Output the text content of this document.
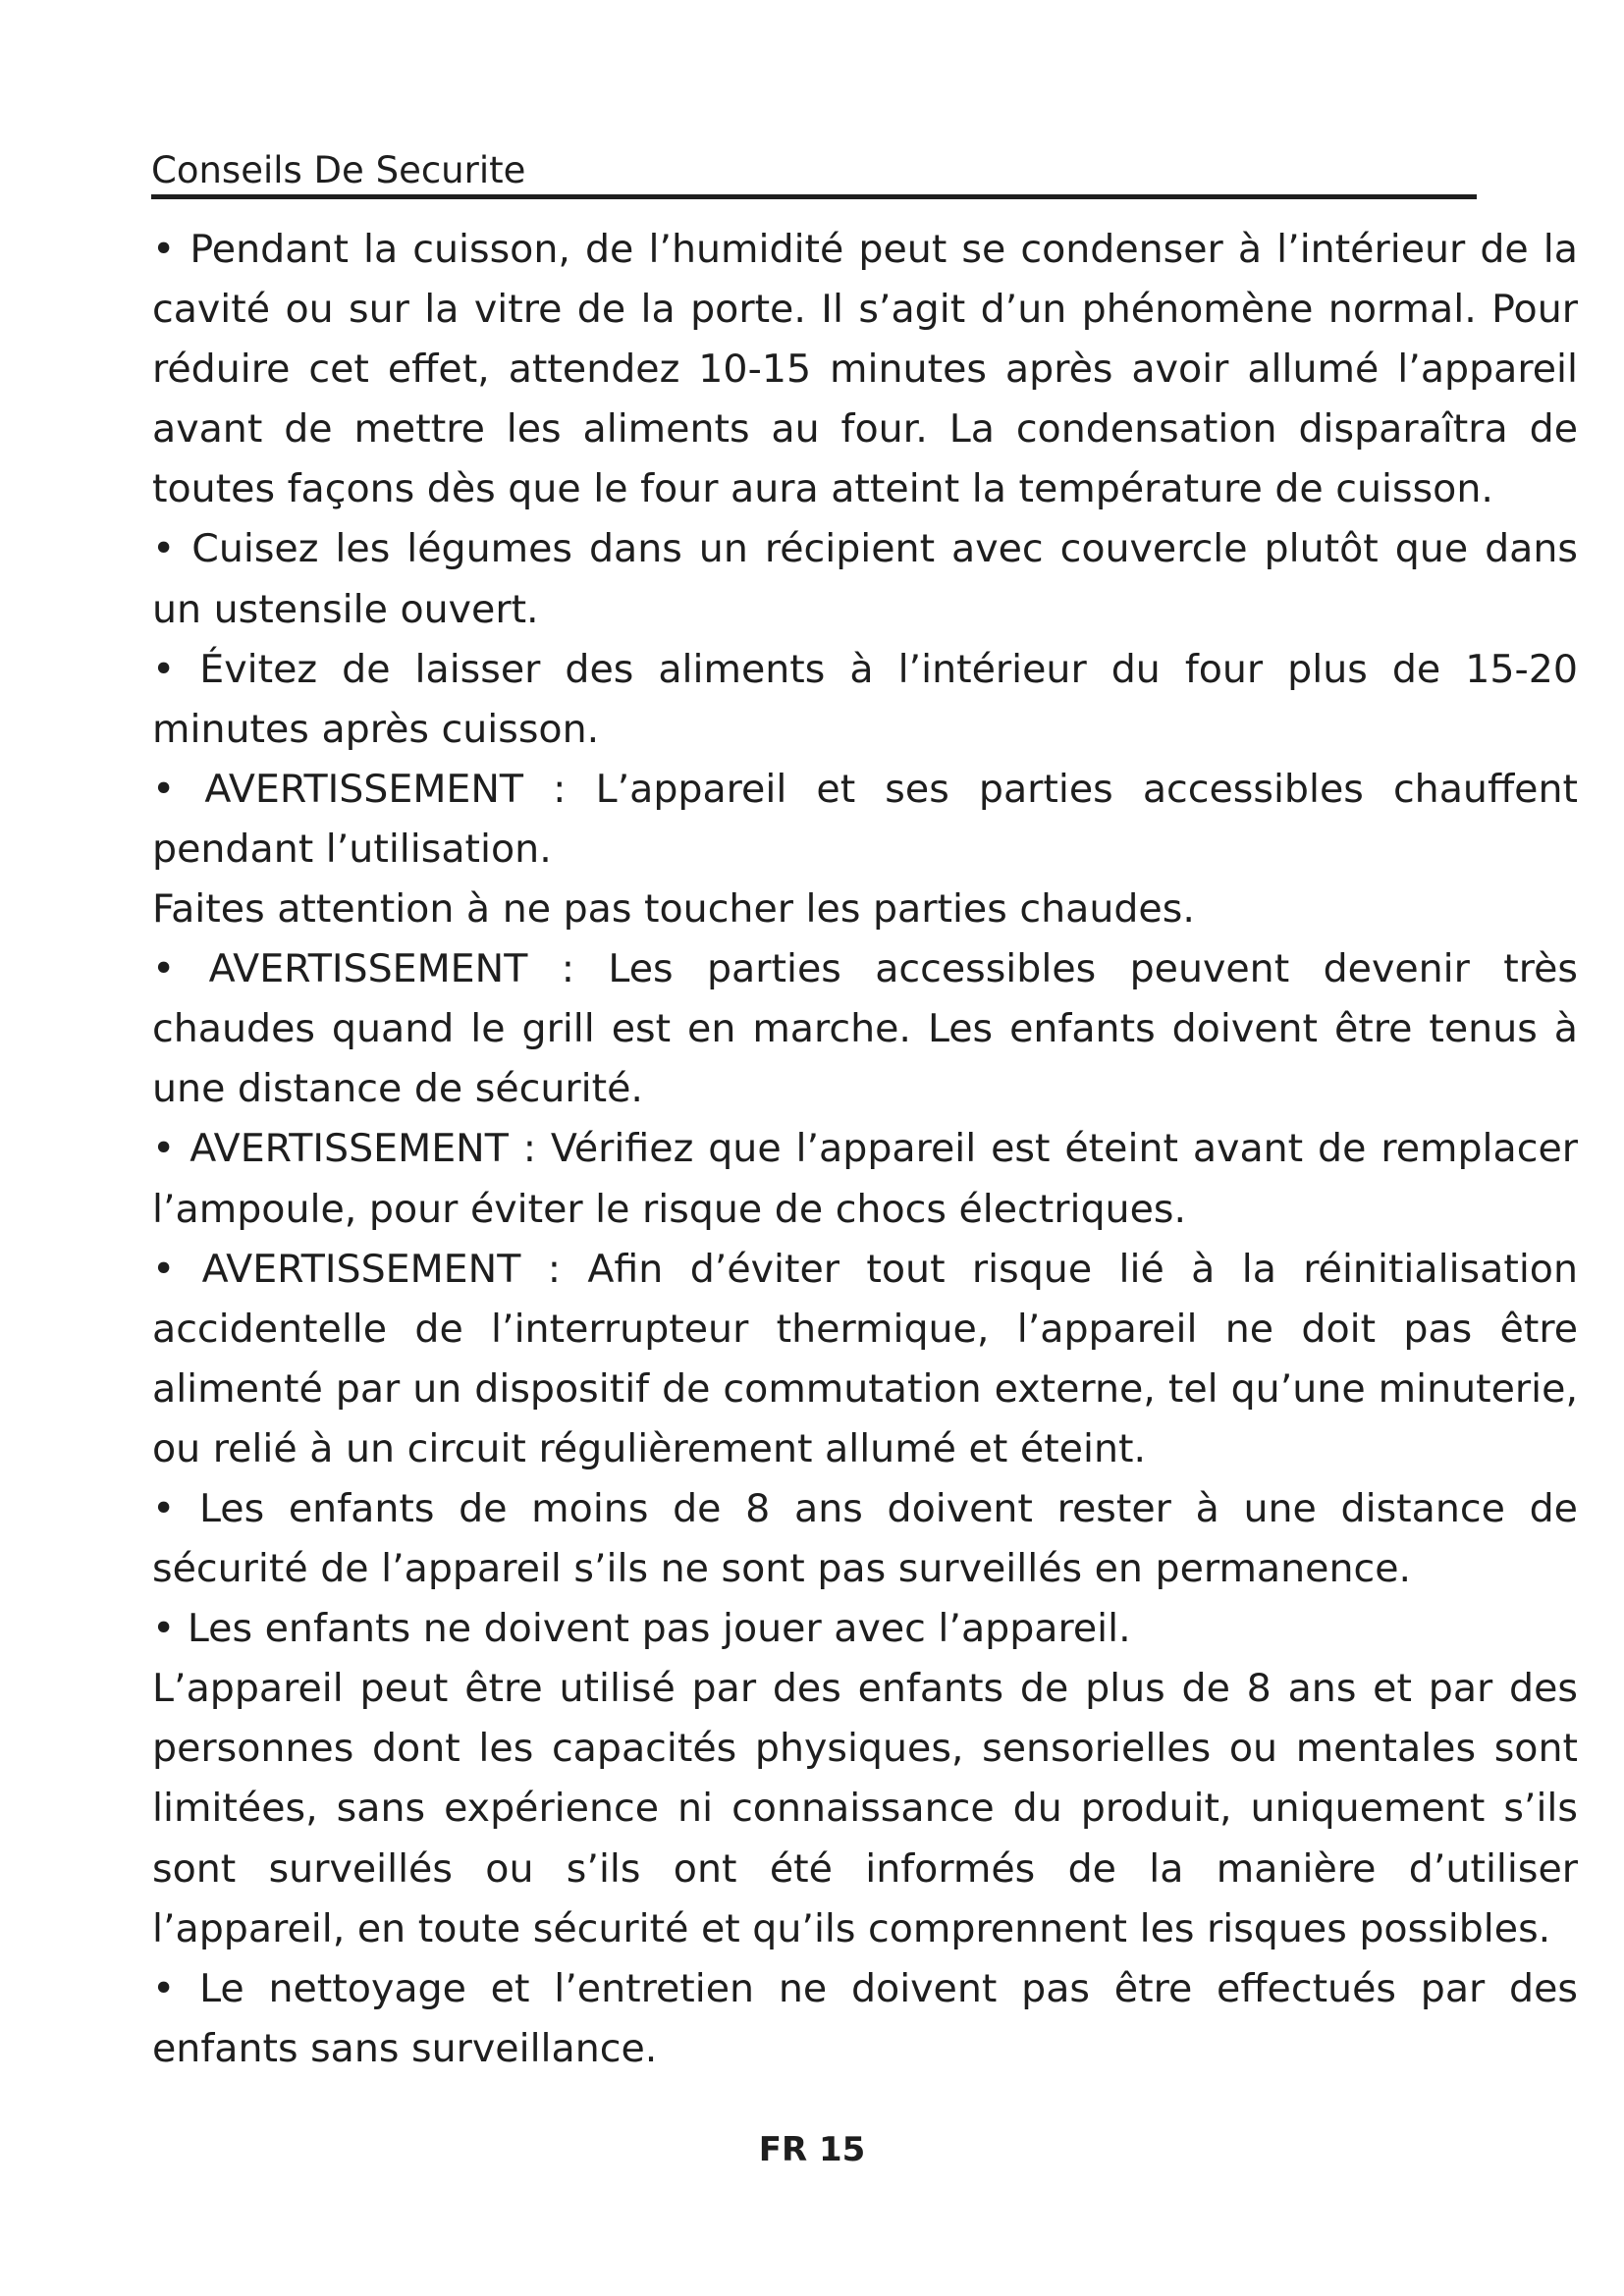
Conseils De Securite

• Pendant la cuisson, de l’humidité peut se condenser à l’intérieur de la cavité ou sur la vitre de la porte. Il s’agit d’un phénomène normal. Pour réduire cet effet, attendez 10-15 minutes après avoir allumé l’appareil avant de mettre les aliments au four. La condensation disparaîtra de toutes façons dès que le four aura atteint la température de cuisson.

• Cuisez les légumes dans un récipient avec couvercle plutôt que dans un ustensile ouvert.

• Évitez de laisser des aliments à l’intérieur du four plus de 15-20 minutes après cuisson.

• AVERTISSEMENT : L’appareil et ses parties accessibles chauffent pendant l’utilisation.

Faites attention à ne pas toucher les parties chaudes.

• AVERTISSEMENT : Les parties accessibles peuvent devenir très chaudes quand le grill est en marche. Les enfants doivent être tenus à une distance de sécurité.

• AVERTISSEMENT : Vérifiez que l’appareil est éteint avant de remplacer l’ampoule, pour éviter le risque de chocs électriques.

• AVERTISSEMENT : Afin d’éviter tout risque lié à la réinitialisation accidentelle de l’interrupteur thermique, l’appareil ne doit pas être alimenté par un dispositif de commutation externe, tel qu’une minuterie, ou relié à un circuit régulièrement allumé et éteint.

• Les enfants de moins de 8 ans doivent rester à une distance de sécurité de l’appareil s’ils ne sont pas surveillés en permanence.

• Les enfants ne doivent pas jouer avec l’appareil.

L’appareil peut être utilisé par des enfants de plus de 8 ans et par des personnes dont les capacités physiques, sensorielles ou mentales sont limitées, sans expérience ni connaissance du produit, uniquement s’ils sont surveillés ou s’ils ont été informés de la manière d’utiliser l’appareil, en toute sécurité et qu’ils comprennent les risques possibles.

• Le nettoyage et l’entretien ne doivent pas être effectués par des enfants sans surveillance.

FR 15
